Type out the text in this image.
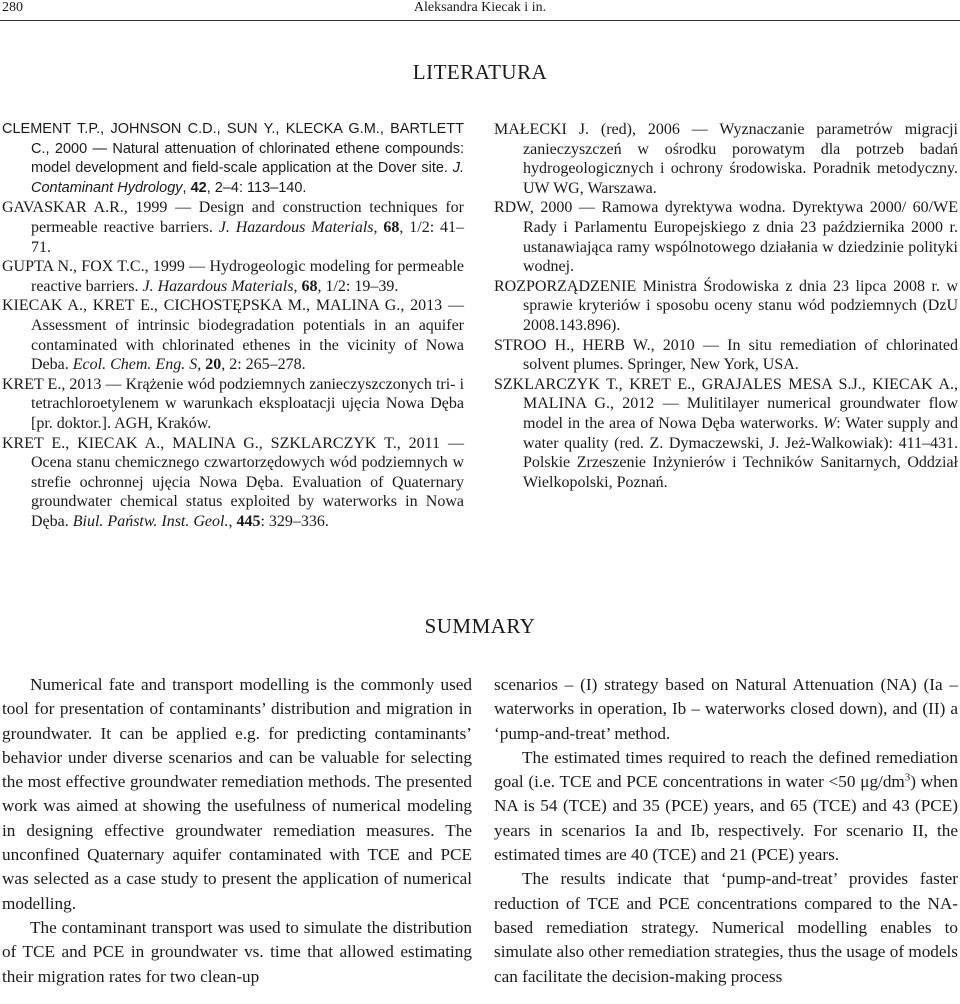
280	Aleksandra Kiecak i in.
LITERATURA

CLEMENT T.P., JOHNSON C.D., SUN Y., KLECKA G.M., BARTLETT C., 2000 — Natural attenuation of chlorinated ethene compounds: model development and field-scale application at the Dover site. J. Contaminant Hydrology, 42, 2–4: 113–140.

GAVASKAR A.R., 1999 — Design and construction techniques for permeable reactive barriers. J. Hazardous Materials, 68, 1/2: 41–71.

GUPTA N., FOX T.C., 1999 — Hydrogeologic modeling for permeable reactive barriers. J. Hazardous Materials, 68, 1/2: 19–39.

KIECAK A., KRET E., CICHOSTĘPSKA M., MALINA G., 2013 — Assessment of intrinsic biodegradation potentials in an aquifer contaminated with chlorinated ethenes in the vicinity of Nowa Deba. Ecol. Chem. Eng. S, 20, 2: 265–278.

KRET E., 2013 — Krążenie wód podziemnych zanieczyszczonych tri- i tetrachloroetylenem w warunkach eksploatacji ujęcia Nowa Dęba [pr. doktor.]. AGH, Kraków.

KRET E., KIECAK A., MALINA G., SZKLARCZYK T., 2011 — Ocena stanu chemicznego czwartorzędowych wód podziemnych w strefie ochronnej ujęcia Nowa Dęba. Evaluation of Quaternary groundwater chemical status exploited by waterworks in Nowa Dęba. Biul. Państw. Inst. Geol., 445: 329–336.

MAŁECKI J. (red), 2006 — Wyznaczanie parametrów migracji zanieczyszczeń w ośrodku porowatym dla potrzeb badań hydrogeologicznych i ochrony środowiska. Poradnik metodyczny. UW WG, Warszawa.

RDW, 2000 — Ramowa dyrektywa wodna. Dyrektywa 2000/ 60/WE Rady i Parlamentu Europejskiego z dnia 23 października 2000 r. ustanawiająca ramy wspólnotowego działania w dziedzinie polityki wodnej.

ROZPORZĄDZENIE Ministra Środowiska z dnia 23 lipca 2008 r. w sprawie kryteriów i sposobu oceny stanu wód podziemnych (DzU 2008.143.896).

STROO H., HERB W., 2010 — In situ remediation of chlorinated solvent plumes. Springer, New York, USA.

SZKLARCZYK T., KRET E., GRAJALES MESA S.J., KIECAK A., MALINA G., 2012 — Mulitilayer numerical groundwater flow model in the area of Nowa Dęba waterworks. W: Water supply and water quality (red. Z. Dymaczewski, J. Jeż-Walkowiak): 411–431. Polskie Zrzeszenie Inżynierów i Techników Sanitarnych, Oddział Wielkopolski, Poznań.

SUMMARY

Numerical fate and transport modelling is the commonly used tool for presentation of contaminants’ distribution and migration in groundwater. It can be applied e.g. for predicting contaminants’ behavior under diverse scenarios and can be valuable for selecting the most effective groundwater remediation methods. The presented work was aimed at showing the usefulness of numerical modeling in designing effective groundwater remediation measures. The unconfined Quaternary aquifer contaminated with TCE and PCE was selected as a case study to present the application of numerical modelling.

The contaminant transport was used to simulate the distribution of TCE and PCE in groundwater vs. time that allowed estimating their migration rates for two clean-up

scenarios – (I) strategy based on Natural Attenuation (NA) (Ia – waterworks in operation, Ib – waterworks closed down), and (II) a ‘pump-and-treat’ method.

The estimated times required to reach the defined remediation goal (i.e. TCE and PCE concentrations in water <50 $\mu g/dm^3$) when NA is 54 (TCE) and 35 (PCE) years, and 65 (TCE) and 43 (PCE) years in scenarios Ia and Ib, respectively. For scenario II, the estimated times are 40 (TCE) and 21 (PCE) years.

The results indicate that ‘pump-and-treat’ provides faster reduction of TCE and PCE concentrations compared to the NA-based remediation strategy. Numerical modelling enables to simulate also other remediation strategies, thus the usage of models can facilitate the decision-making process
